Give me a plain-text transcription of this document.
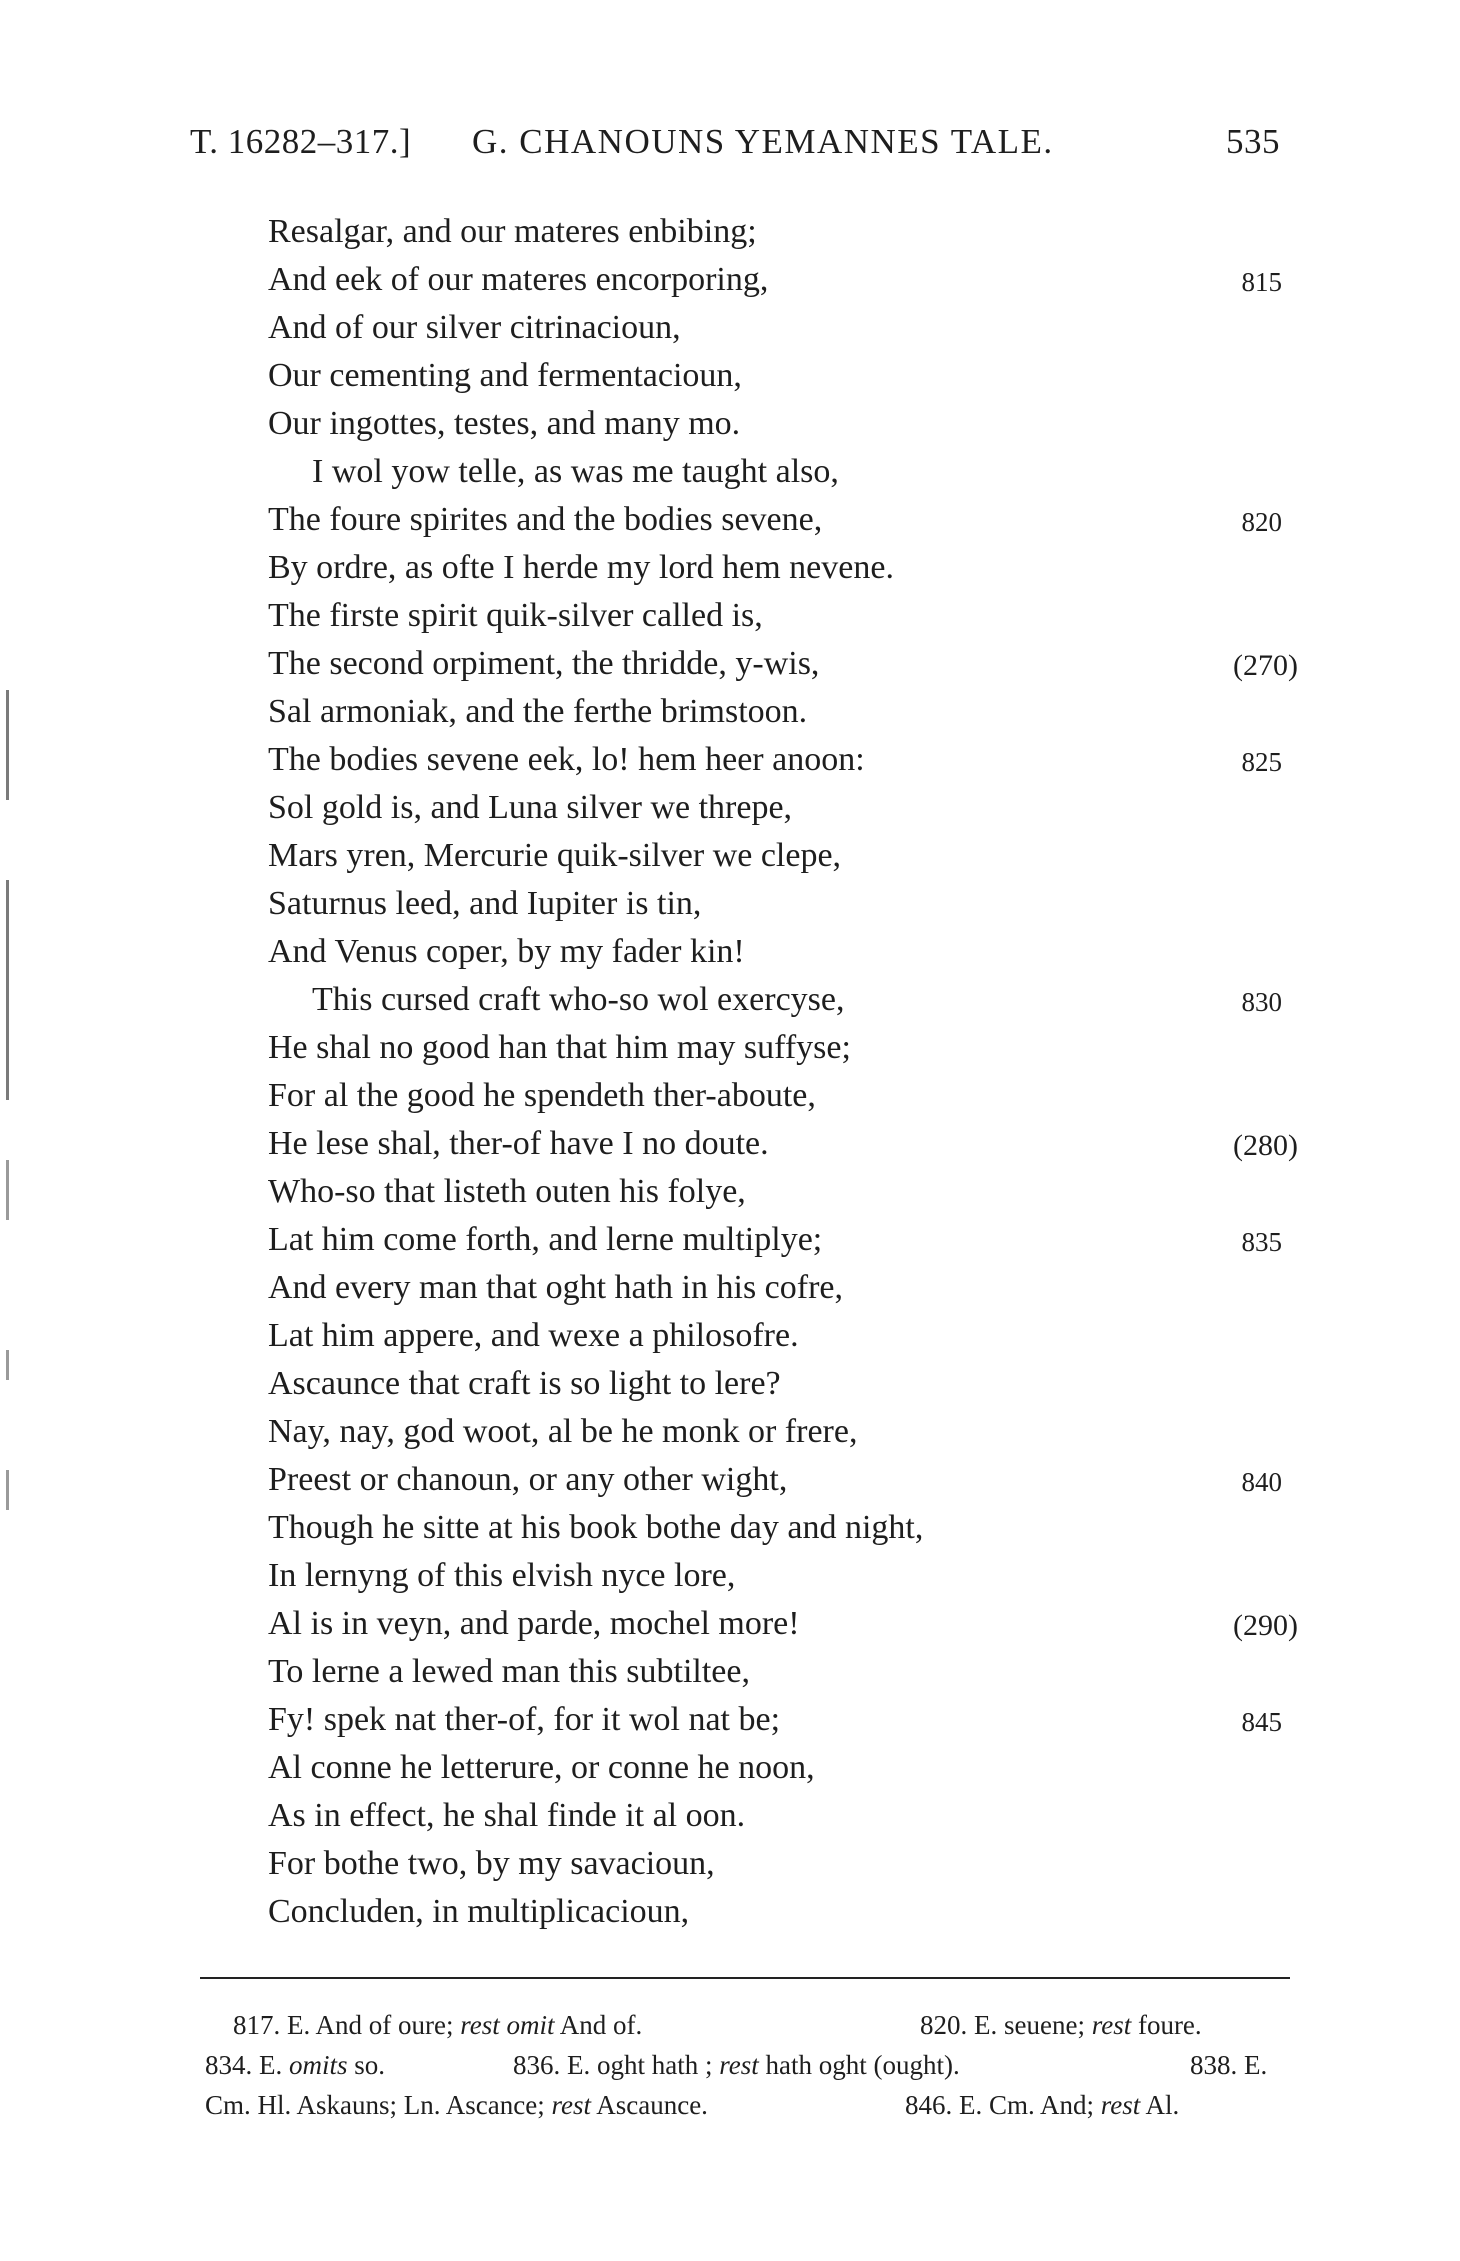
T. 16282–317.] G. CHANOUNS YEMANNES TALE.	535
Resalgar, and our materes enbibing;
And eek of our materes encorporing,	815
And of our silver citrinacioun,
Our cementing and fermentacioun,
Our ingottes, testes, and many mo.
I wol yow telle, as was me taught also,
The foure spirites and the bodies sevene,	820
By ordre, as ofte I herde my lord hem nevene.
The firste spirit quik-silver called is,
The second orpiment, the thridde, y-wis,	(270)
Sal armoniak, and the ferthe brimstoon.
The bodies sevene eek, lo! hem heer anoon:	825
Sol gold is, and Luna silver we threpe,
Mars yren, Mercurie quik-silver we clepe,
Saturnus leed, and Iupiter is tin,
And Venus coper, by my fader kin!
This cursed craft who-so wol exercyse,	830
He shal no good han that him may suffyse;
For al the good he spendeth ther-aboute,
He lese shal, ther-of have I no doute.	(280)
Who-so that listeth outen his folye,
Lat him come forth, and lerne multiplye;	835
And every man that oght hath in his cofre,
Lat him appere, and wexe a philosofre.
Ascaunce that craft is so light to lere?
Nay, nay, god woot, al be he monk or frere,
Preest or chanoun, or any other wight,	840
Though he sitte at his book bothe day and night,
In lernyng of this elvish nyce lore,
Al is in veyn, and parde, mochel more!	(290)
To lerne a lewed man this subtiltee,
Fy! spek nat ther-of, for it wol nat be;	845
Al conne he letterure, or conne he noon,
As in effect, he shal finde it al oon.
For bothe two, by my savacioun,
Concluden, in multiplicacioun,
817. E. And of oure; rest omit And of.	820. E. seuene; rest foure.
834. E. omits so.	836. E. oght hath ; rest hath oght (ought).	838. E.
Cm. Hl. Askauns; Ln. Ascance; rest Ascaunce.	846. E. Cm. And; rest Al.
